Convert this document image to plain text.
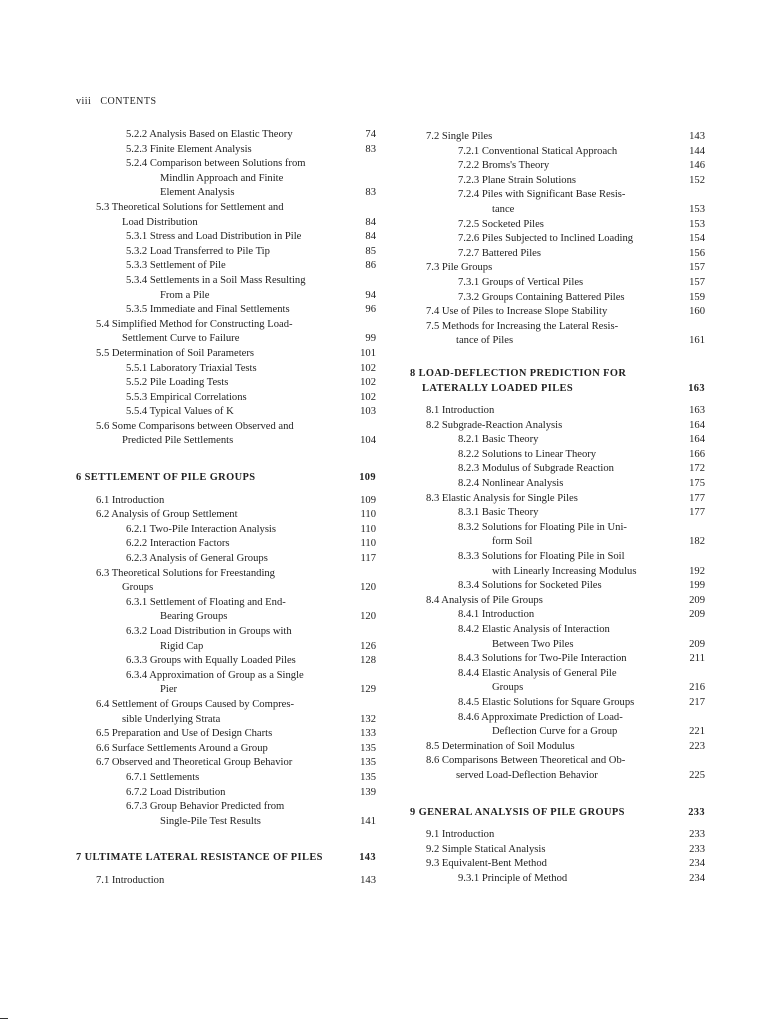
viii CONTENTS
5.2.2 Analysis Based on Elastic Theory	74
5.2.3 Finite Element Analysis	83
5.2.4 Comparison between Solutions from
Mindlin Approach and Finite
Element Analysis	83
5.3 Theoretical Solutions for Settlement and
Load Distribution	84
5.3.1 Stress and Load Distribution in Pile	84
5.3.2 Load Transferred to Pile Tip	85
5.3.3 Settlement of Pile	86
5.3.4 Settlements in a Soil Mass Resulting
From a Pile	94
5.3.5 Immediate and Final Settlements	96
5.4 Simplified Method for Constructing Load-
Settlement Curve to Failure	99
5.5 Determination of Soil Parameters	101
5.5.1 Laboratory Triaxial Tests	102
5.5.2 Pile Loading Tests	102
5.5.3 Empirical Correlations	102
5.5.4 Typical Values of K	103
5.6 Some Comparisons between Observed and
Predicted Pile Settlements	104
6 SETTLEMENT OF PILE GROUPS	109
6.1 Introduction	109
6.2 Analysis of Group Settlement	110
6.2.1 Two-Pile Interaction Analysis	110
6.2.2 Interaction Factors	110
6.2.3 Analysis of General Groups	117
6.3 Theoretical Solutions for Freestanding
Groups	120
6.3.1 Settlement of Floating and End-
Bearing Groups	120
6.3.2 Load Distribution in Groups with
Rigid Cap	126
6.3.3 Groups with Equally Loaded Piles	128
6.3.4 Approximation of Group as a Single
Pier	129
6.4 Settlement of Groups Caused by Compres-
sible Underlying Strata	132
6.5 Preparation and Use of Design Charts	133
6.6 Surface Settlements Around a Group	135
6.7 Observed and Theoretical Group Behavior	135
6.7.1 Settlements	135
6.7.2 Load Distribution	139
6.7.3 Group Behavior Predicted from
Single-Pile Test Results	141
7 ULTIMATE LATERAL RESISTANCE OF PILES	143
7.1 Introduction	143
7.2 Single Piles	143
7.2.1 Conventional Statical Approach	144
7.2.2 Broms's Theory	146
7.2.3 Plane Strain Solutions	152
7.2.4 Piles with Significant Base Resis-
tance	153
7.2.5 Socketed Piles	153
7.2.6 Piles Subjected to Inclined Loading	154
7.2.7 Battered Piles	156
7.3 Pile Groups	157
7.3.1 Groups of Vertical Piles	157
7.3.2 Groups Containing Battered Piles	159
7.4 Use of Piles to Increase Slope Stability	160
7.5 Methods for Increasing the Lateral Resis-
tance of Piles	161
8 LOAD-DEFLECTION PREDICTION FOR
LATERALLY LOADED PILES	163
8.1 Introduction	163
8.2 Subgrade-Reaction Analysis	164
8.2.1 Basic Theory	164
8.2.2 Solutions to Linear Theory	166
8.2.3 Modulus of Subgrade Reaction	172
8.2.4 Nonlinear Analysis	175
8.3 Elastic Analysis for Single Piles	177
8.3.1 Basic Theory	177
8.3.2 Solutions for Floating Pile in Uni-
form Soil	182
8.3.3 Solutions for Floating Pile in Soil
with Linearly Increasing Modulus	192
8.3.4 Solutions for Socketed Piles	199
8.4 Analysis of Pile Groups	209
8.4.1 Introduction	209
8.4.2 Elastic Analysis of Interaction
Between Two Piles	209
8.4.3 Solutions for Two-Pile Interaction	211
8.4.4 Elastic Analysis of General Pile
Groups	216
8.4.5 Elastic Solutions for Square Groups	217
8.4.6 Approximate Prediction of Load-
Deflection Curve for a Group	221
8.5 Determination of Soil Modulus	223
8.6 Comparisons Between Theoretical and Ob-
served Load-Deflection Behavior	225
9 GENERAL ANALYSIS OF PILE GROUPS	233
9.1 Introduction	233
9.2 Simple Statical Analysis	233
9.3 Equivalent-Bent Method	234
9.3.1 Principle of Method	234
